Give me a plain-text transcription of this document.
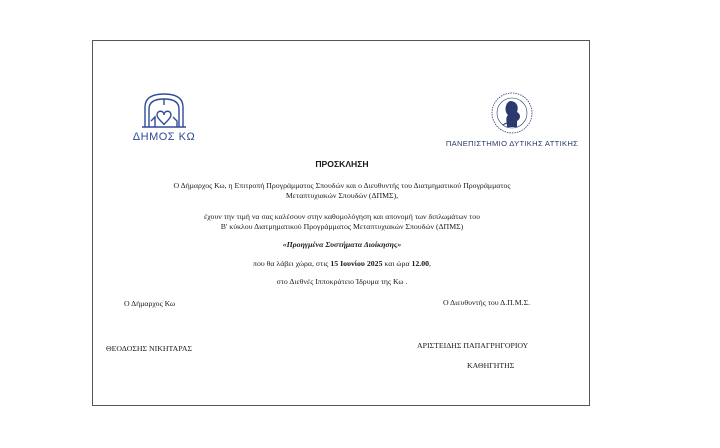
ΔΗΜΟΣ ΚΩ
ΠΑΝΕΠΙΣΤΗΜΙΟ ΔΥΤΙΚΗΣ ΑΤΤΙΚΗΣ
ΠΡΟΣΚΛΗΣΗ
Ο Δήμαρχος Κω, η Επιτροπή Προγράμματος Σπουδών και ο Διευθυντής του Διατμηματικού Προγράμματος
Μεταπτυχιακών Σπουδών (ΔΠΜΣ),
έχουν την τιμή να σας καλέσουν στην καθομολόγηση και απονομή των διπλωμάτων του
Β' κύκλου Διατμηματικού Προγράμματος Μεταπτυχιακών Σπουδών (ΔΠΜΣ)
«Προηγμένα Συστήματα Διοίκησης»
που θα λάβει χώρα, στις 15 Ιουνίου 2025 και ώρα 12.00,
στο Διεθνές Ιπποκράτειο Ίδρυμα της Κω .
Ο Δήμαρχος Κω
ΘΕΟΔΟΣΗΣ ΝΙΚΗΤΑΡΑΣ
Ο Διευθυντής του Δ.Π.Μ.Σ.
ΑΡΙΣΤΕΙΔΗΣ ΠΑΠΑΓΡΗΓΟΡΙΟΥ
ΚΑΘΗΓΗΤΗΣ
